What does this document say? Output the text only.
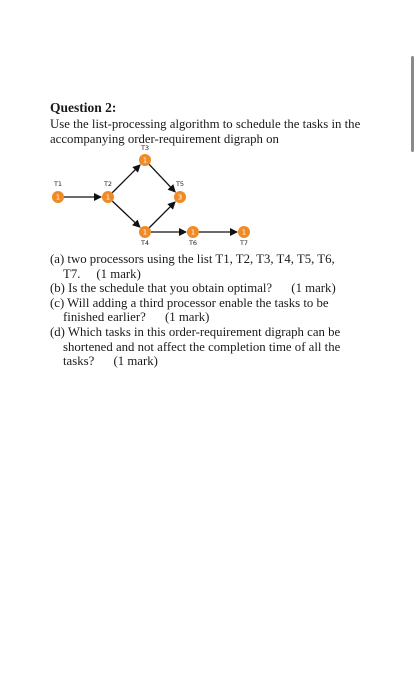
Question 2:
Use the list-processing algorithm to schedule the tasks in the
accompanying order-requirement digraph on
1
T1
1
T2
1
T3
1
T4
3
T5
1
T6
1
T7
(a) two processors using the list T1, T2, T3, T4, T5, T6,
T7.     (1 mark)
(b) Is the schedule that you obtain optimal?      (1 mark)
(c) Will adding a third processor enable the tasks to be
finished earlier?      (1 mark)
(d) Which tasks in this order-requirement digraph can be
shortened and not affect the completion time of all the
tasks?      (1 mark)
